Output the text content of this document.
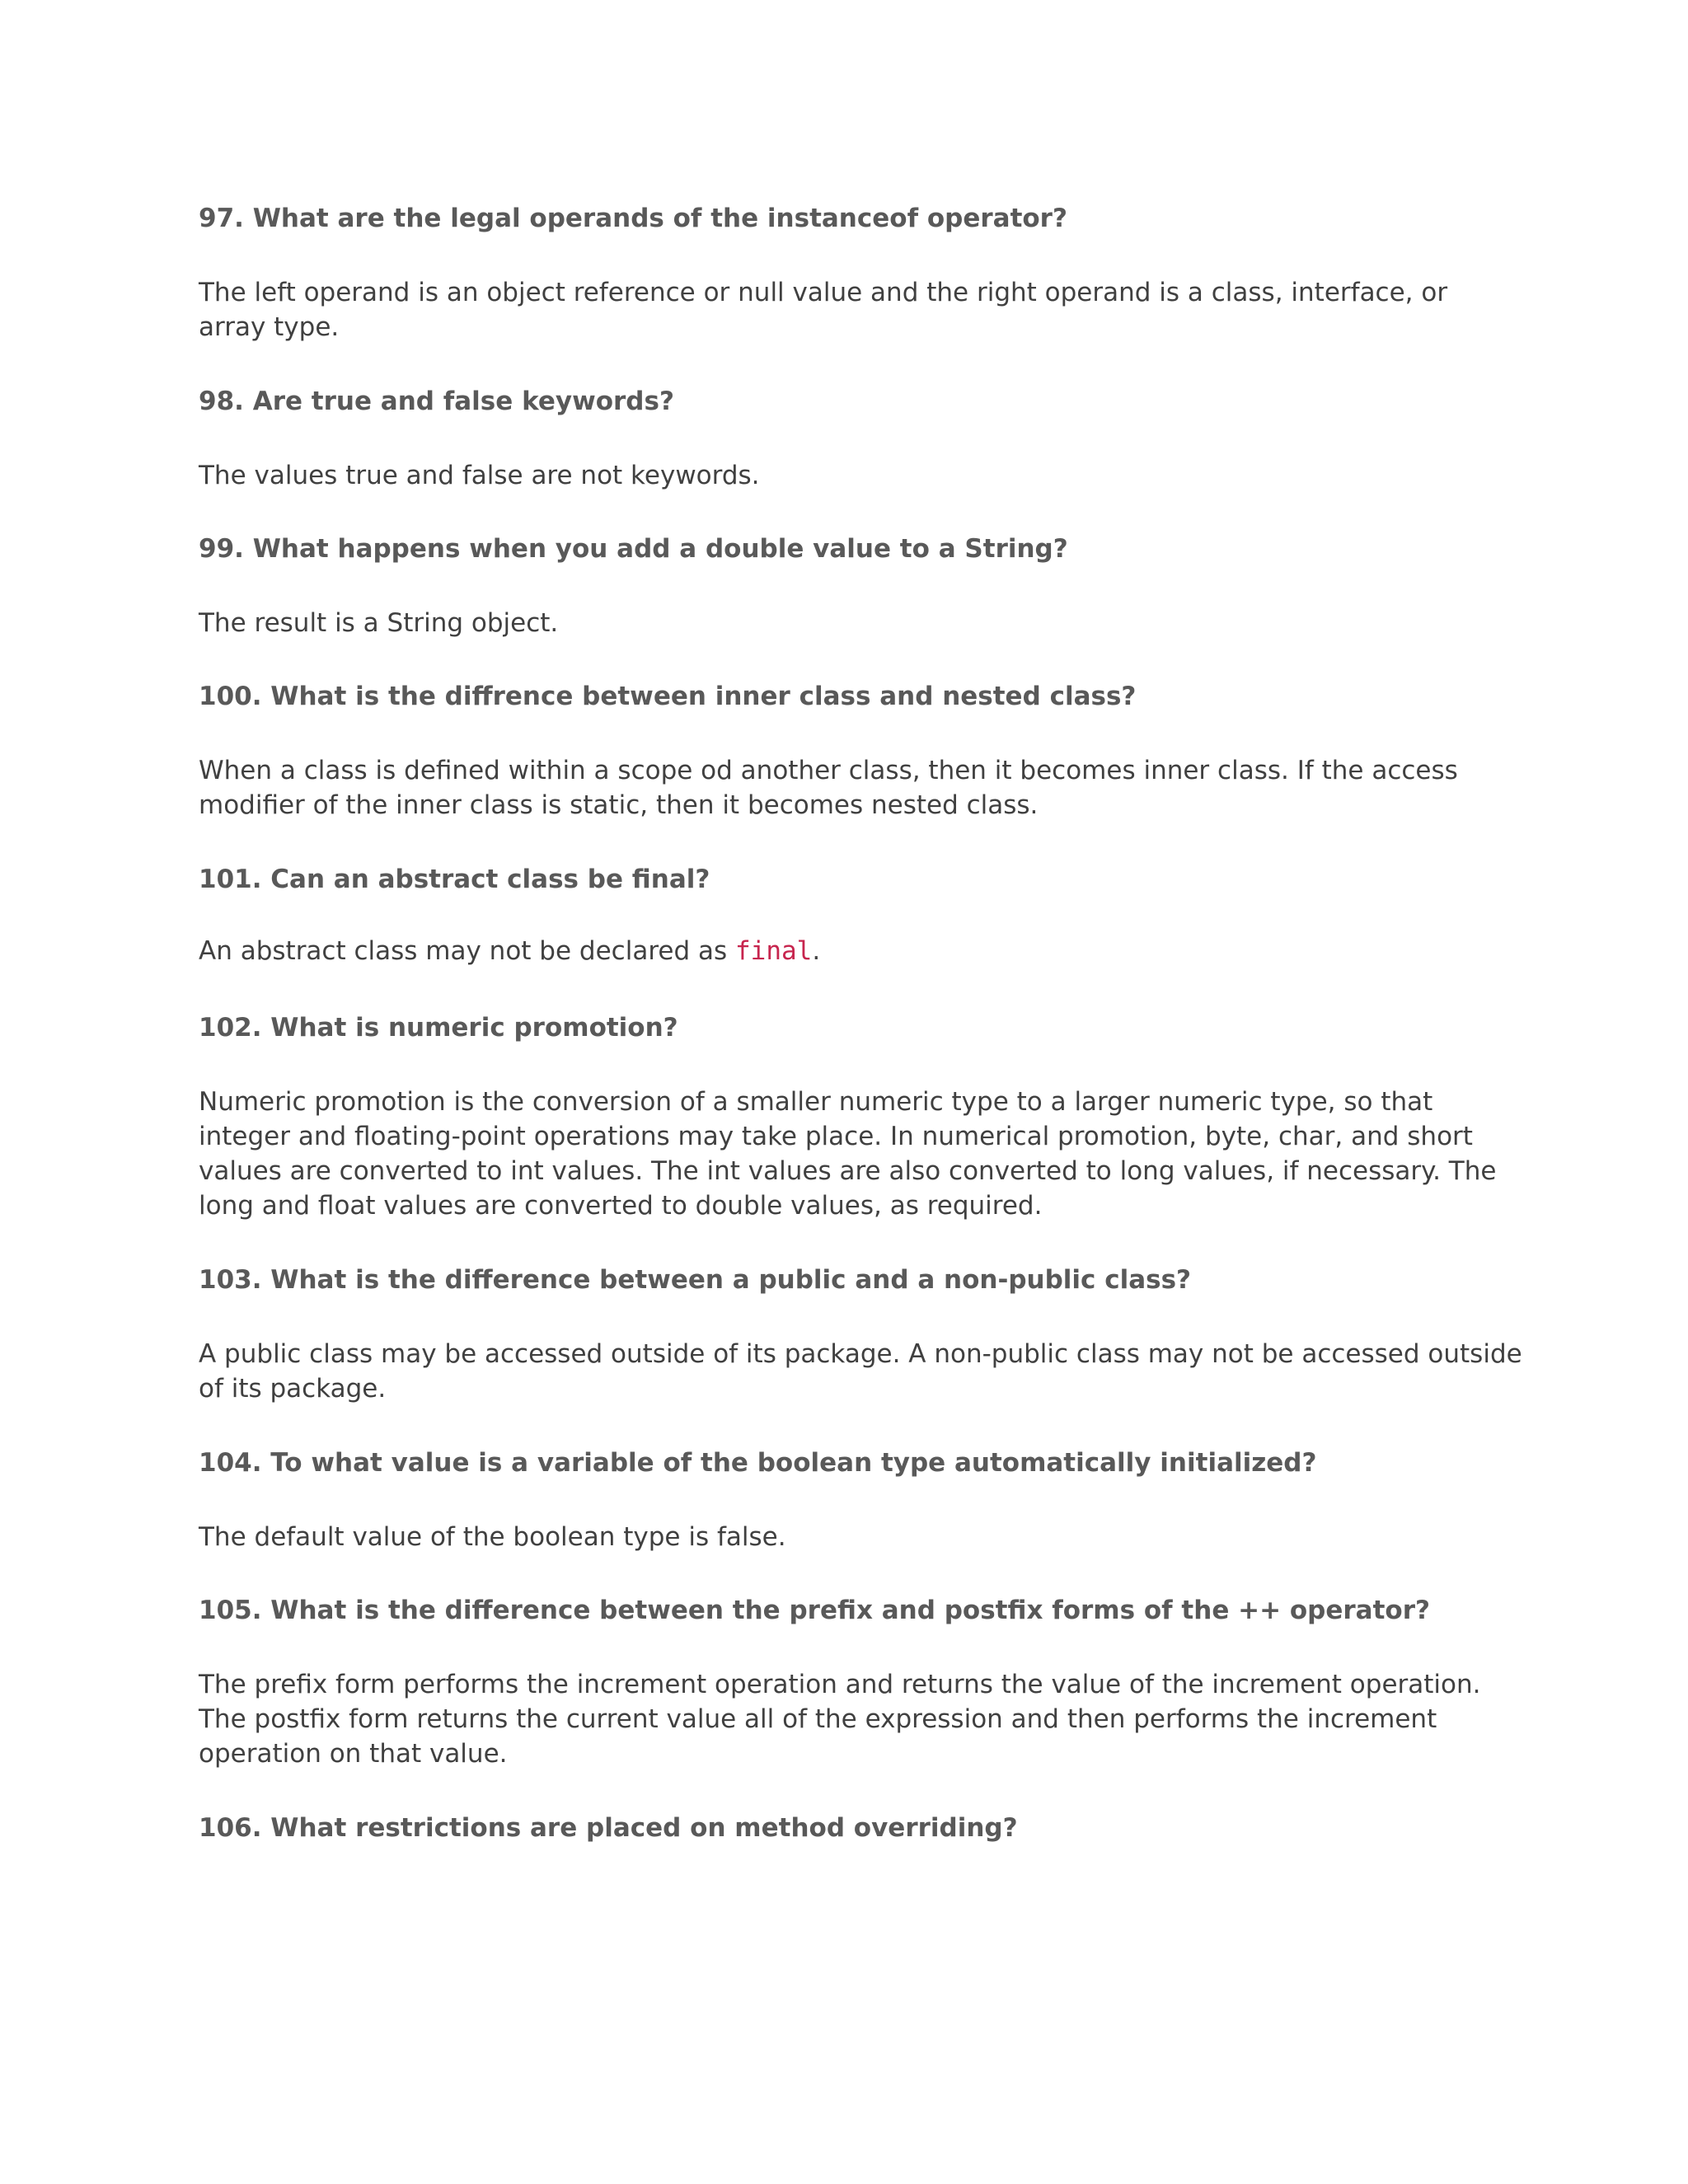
97. What are the legal operands of the instanceof operator?

The left operand is an object reference or null value and the right operand is a class, interface, or
array type.

98. Are true and false keywords?

The values true and false are not keywords.

99. What happens when you add a double value to a String?

The result is a String object.

100. What is the diffrence between inner class and nested class?

When a class is defined within a scope od another class, then it becomes inner class. If the access
modifier of the inner class is static, then it becomes nested class.

101. Can an abstract class be final?

An abstract class may not be declared as final.

102. What is numeric promotion?

Numeric promotion is the conversion of a smaller numeric type to a larger numeric type, so that
integer and floating-point operations may take place. In numerical promotion, byte, char, and short
values are converted to int values. The int values are also converted to long values, if necessary. The
long and float values are converted to double values, as required.

103. What is the difference between a public and a non-public class?

A public class may be accessed outside of its package. A non-public class may not be accessed outside
of its package.

104. To what value is a variable of the boolean type automatically initialized?

The default value of the boolean type is false.

105. What is the difference between the prefix and postfix forms of the ++ operator?

The prefix form performs the increment operation and returns the value of the increment operation.
The postfix form returns the current value all of the expression and then performs the increment
operation on that value.

106. What restrictions are placed on method overriding?
